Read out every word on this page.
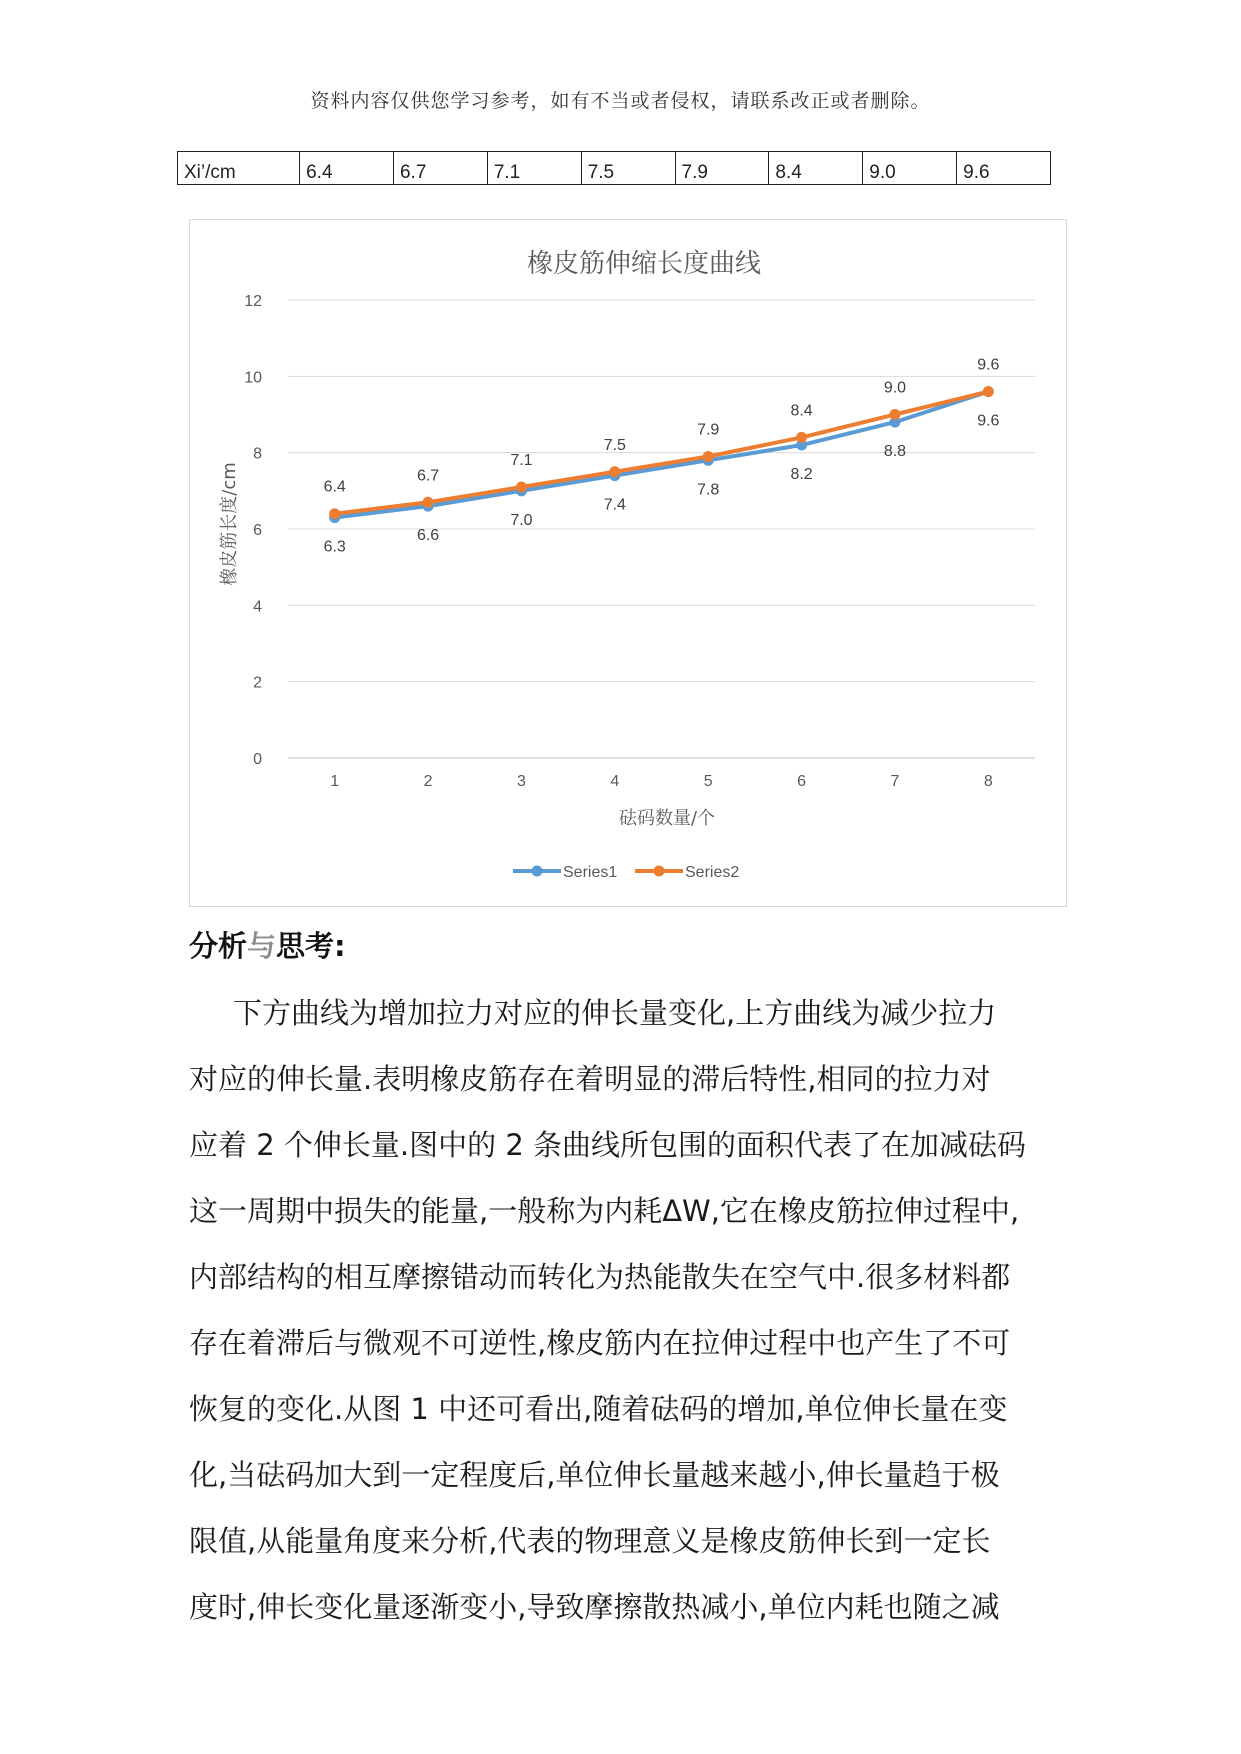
资料内容仅供您学习参考，如有不当或者侵权，请联系改正或者删除。
Xi’/cm	6.4	6.7	7.1	7.5	7.9	8.4	9.0	9.6
0
2
4
6
8
10
12
1	2	3	4	5	6	7	8
6.3
6.6
7.0
7.4
7.8
8.2
8.8
9.6
6.4
6.7
7.1
7.5
7.9
8.4
9.0
9.6
橡皮筋伸缩长度曲线
砝码数量/个
橡皮筋长度/cm
Series1	Series2
分析与思考:
下方曲线为增加拉力对应的伸长量变化,上方曲线为减少拉力
对应的伸长量.表明橡皮筋存在着明显的滞后特性,相同的拉力对
应着 2 个伸长量.图中的 2 条曲线所包围的面积代表了在加减砝码
这一周期中损失的能量,一般称为内耗ΔW,它在橡皮筋拉伸过程中,
内部结构的相互摩擦错动而转化为热能散失在空气中.很多材料都
存在着滞后与微观不可逆性,橡皮筋内在拉伸过程中也产生了不可
恢复的变化.从图 1 中还可看出,随着砝码的增加,单位伸长量在变
化,当砝码加大到一定程度后,单位伸长量越来越小,伸长量趋于极
限值,从能量角度来分析,代表的物理意义是橡皮筋伸长到一定长
度时,伸长变化量逐渐变小,导致摩擦散热减小,单位内耗也随之减
